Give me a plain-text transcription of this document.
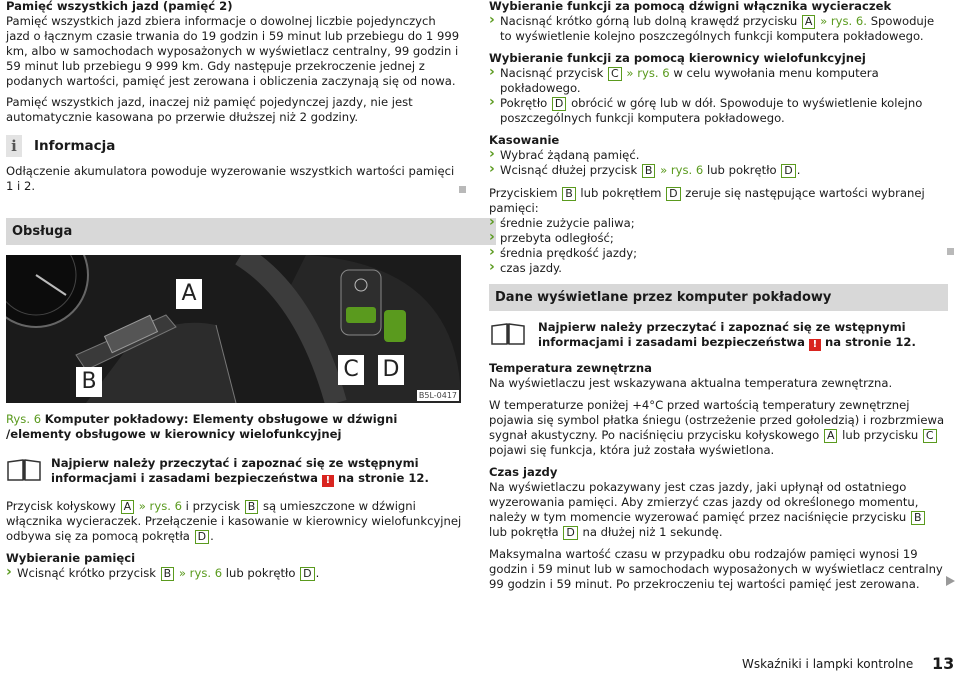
Pamięć wszystkich jazd (pamięć 2)

Pamięć wszystkich jazd zbiera informacje o dowolnej liczbie pojedynczych jazd o łącznym czasie trwania do 19 godzin i 59 minut lub przebiegu do 1 999 km, albo w samochodach wyposażonych w wyświetlacz centralny, 99 godzin i 59 minut lub przebiegu 9 999 km. Gdy następuje przekroczenie jednej z podanych wartości, pamięć jest zerowana i obliczenia zaczynają się od nowa.

Pamięć wszystkich jazd, inaczej niż pamięć pojedynczej jazdy, nie jest automatycznie kasowana po przerwie dłuższej niż 2 godziny.

i	Informacja

Odłączenie akumulatora powoduje wyzerowanie wszystkich wartości pamięci 1 i 2.

Obsługa
A
B	C D
B5L-0417
Rys. 6 Komputer pokładowy: Elementy obsługowe w dźwigni /elementy obsługowe w kierownicy wielofunkcyjnej
Najpierw należy przeczytać i zapoznać się ze wstępnymi informacjami i zasadami bezpieczeństwa ! na stronie 12.
Przycisk kołyskowy A » rys. 6 i przycisk B są umieszczone w dźwigni włącznika wycieraczek. Przełączenie i kasowanie w kierownicy wielofunkcyjnej odbywa się za pomocą pokrętła D .
Wybieranie pamięci
› Wcisnąć krótko przycisk B » rys. 6 lub pokrętło D .

Wybieranie funkcji za pomocą dźwigni włącznika wycieraczek

› Nacisnąć krótko górną lub dolną krawędź przycisku A » rys. 6. Spowoduje to wyświetlenie kolejno poszczególnych funkcji komputera pokładowego.

Wybieranie funkcji za pomocą kierownicy wielofunkcyjnej

› Nacisnąć przycisk C » rys. 6 w celu wywołania menu komputera pokładowego.
› Pokrętło D obrócić w górę lub w dół. Spowoduje to wyświetlenie kolejno poszczególnych funkcji komputera pokładowego.

Kasowanie

› Wybrać żądaną pamięć.
› Wcisnąć dłużej przycisk B » rys. 6 lub pokrętło D .

Przyciskiem B lub pokrętłem D zeruje się następujące wartości wybranej pamięci:

› średnie zużycie paliwa;
› przebyta odległość;
› średnia prędkość jazdy;
› czas jazdy.
Dane wyświetlane przez komputer pokładowy
Najpierw należy przeczytać i zapoznać się ze wstępnymi informacjami i zasadami bezpieczeństwa ! na stronie 12.

Temperatura zewnętrzna

Na wyświetlaczu jest wskazywana aktualna temperatura zewnętrzna.

W temperaturze poniżej +4°C przed wartością temperatury zewnętrznej pojawia się symbol płatka śniegu (ostrzeżenie przed gołoledzią) i rozbrzmiewa sygnał akustyczny. Po naciśnięciu przycisku kołyskowego A lub przycisku C pojawi się funkcja, która już została wyświetlona.

Czas jazdy

Na wyświetlaczu pokazywany jest czas jazdy, jaki upłynął od ostatniego wyzerowania pamięci. Aby zmierzyć czas jazdy od określonego momentu, należy w tym momencie wyzerować pamięć przez naciśnięcie przycisku B lub pokrętła D na dłużej niż 1 sekundę.

Maksymalna wartość czasu w przypadku obu rodzajów pamięci wynosi 19 godzin i 59 minut lub w samochodach wyposażonych w wyświetlacz centralny 99 godzin i 59 minut. Po przekroczeniu tej wartości pamięć jest zerowana.

Wskaźniki i lampki kontrolne 13
